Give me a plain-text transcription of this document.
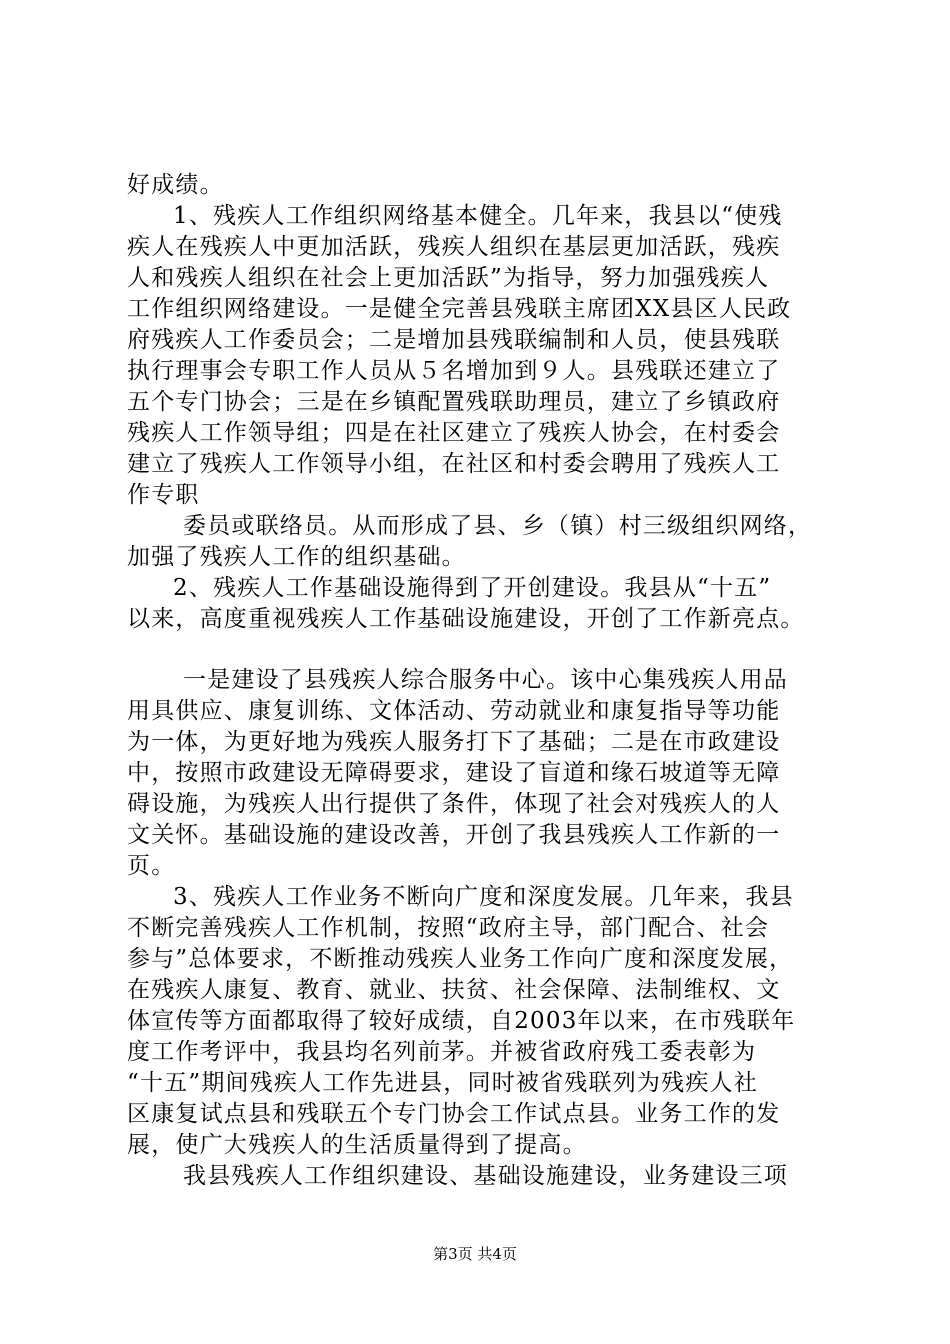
好成绩。
1、残疾人工作组织网络基本健全。几年来，我县以“使残
疾人在残疾人中更加活跃，残疾人组织在基层更加活跃，残疾
人和残疾人组织在社会上更加活跃”为指导，努力加强残疾人
工作组织网络建设。一是健全完善县残联主席团XX县区人民政
府残疾人工作委员会；二是增加县残联编制和人员，使县残联
执行理事会专职工作人员从５名增加到９人。县残联还建立了
五个专门协会；三是在乡镇配置残联助理员，建立了乡镇政府
残疾人工作领导组；四是在社区建立了残疾人协会，在村委会
建立了残疾人工作领导小组，在社区和村委会聘用了残疾人工
作专职
委员或联络员。从而形成了县、乡（镇）村三级组织网络，
加强了残疾人工作的组织基础。
2、残疾人工作基础设施得到了开创建设。我县从“十五”
以来，高度重视残疾人工作基础设施建设，开创了工作新亮点。
一是建设了县残疾人综合服务中心。该中心集残疾人用品
用具供应、康复训练、文体活动、劳动就业和康复指导等功能
为一体，为更好地为残疾人服务打下了基础；二是在市政建设
中，按照市政建设无障碍要求，建设了盲道和缘石坡道等无障
碍设施，为残疾人出行提供了条件，体现了社会对残疾人的人
文关怀。基础设施的建设改善，开创了我县残疾人工作新的一
页。
3、残疾人工作业务不断向广度和深度发展。几年来，我县
不断完善残疾人工作机制，按照“政府主导，部门配合、社会
参与”总体要求，不断推动残疾人业务工作向广度和深度发展，
在残疾人康复、教育、就业、扶贫、社会保障、法制维权、文
体宣传等方面都取得了较好成绩，自2003年以来，在市残联年
度工作考评中，我县均名列前茅。并被省政府残工委表彰为
“十五”期间残疾人工作先进县，同时被省残联列为残疾人社
区康复试点县和残联五个专门协会工作试点县。业务工作的发
展，使广大残疾人的生活质量得到了提高。
我县残疾人工作组织建设、基础设施建设，业务建设三项
第3页 共4页
